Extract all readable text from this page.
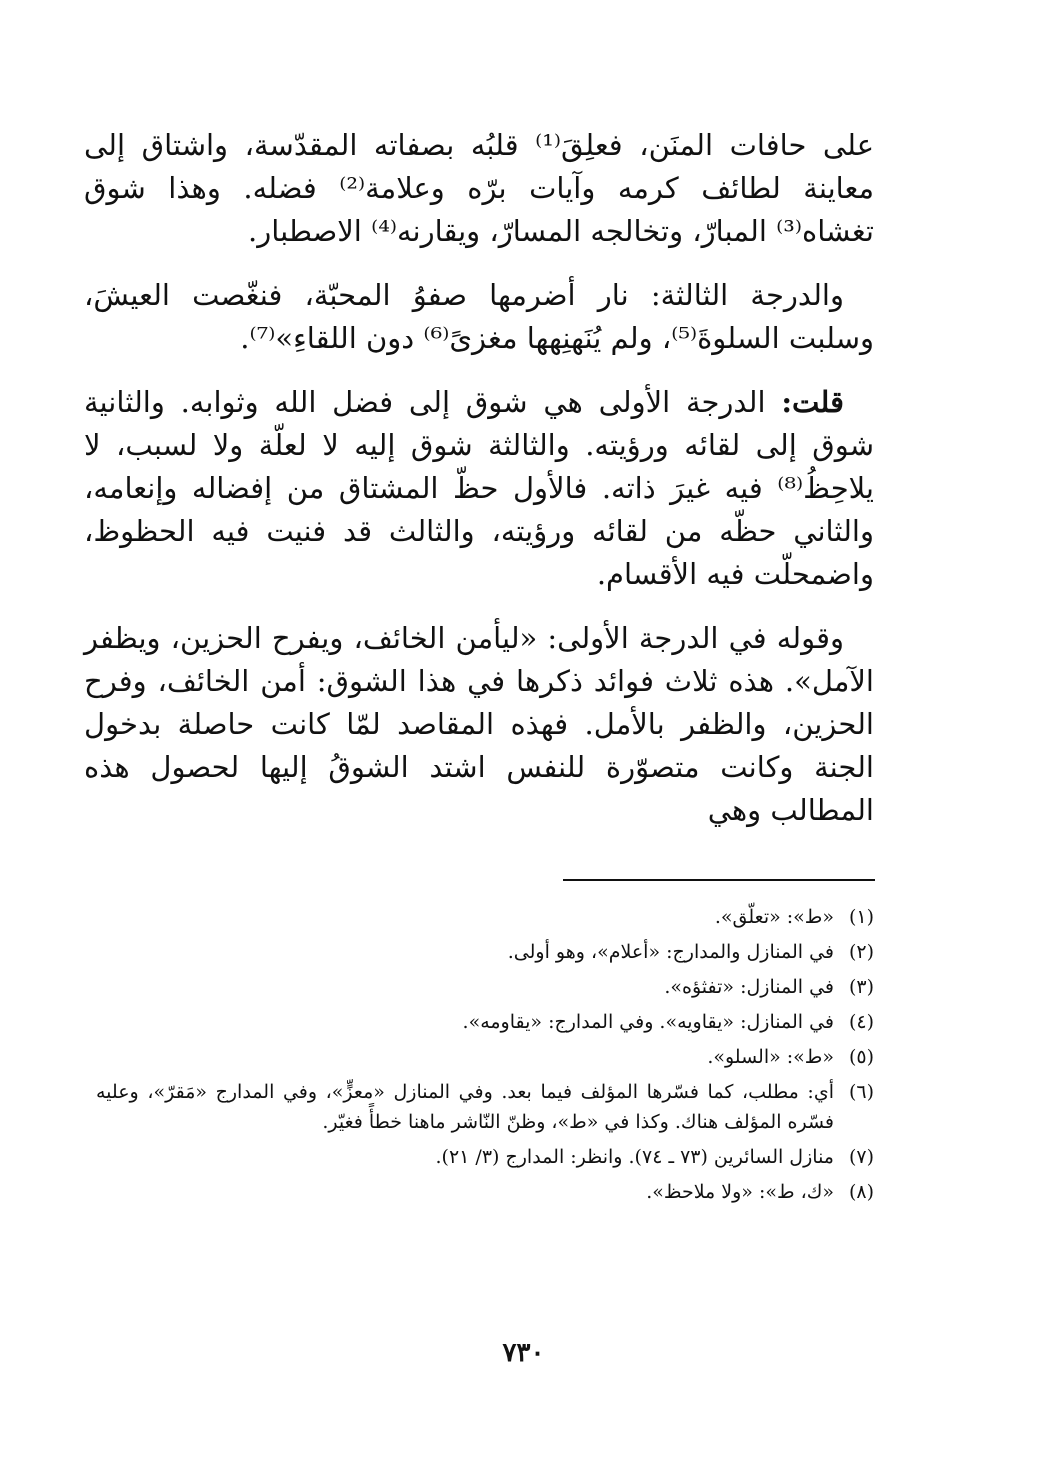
على حافات المنَن، فعلِقَ⁽¹⁾ قلبُه بصفاته المقدّسة، واشتاق إلى معاينة لطائف كرمه وآيات برّه وعلامة⁽²⁾ فضله. وهذا شوق تغشاه⁽³⁾ المبارّ، وتخالجه المسارّ، ويقارنه⁽⁴⁾ الاصطبار.

والدرجة الثالثة: نار أضرمها صفوُ المحبّة، فنغّصت العيشَ، وسلبت السلوةَ⁽⁵⁾، ولم يُنَهنِهها مغزىً⁽⁶⁾ دون اللقاءِ»⁽⁷⁾.

قلت: الدرجة الأولى هي شوق إلى فضل الله وثوابه. والثانية شوق إلى لقائه ورؤيته. والثالثة شوق إليه لا لعلّة ولا لسبب، لا يلاحِظُ⁽⁸⁾ فيه غيرَ ذاته. فالأول حظّ المشتاق من إفضاله وإنعامه، والثاني حظّه من لقائه ورؤيته، والثالث قد فنيت فيه الحظوظ، واضمحلّت فيه الأقسام.

وقوله في الدرجة الأولى: «ليأمن الخائف، ويفرح الحزين، ويظفر الآمل». هذه ثلاث فوائد ذكرها في هذا الشوق: أمن الخائف، وفرح الحزين، والظفر بالأمل. فهذه المقاصد لمّا كانت حاصلة بدخول الجنة وكانت متصوّرة للنفس اشتد الشوقُ إليها لحصول هذه المطالب وهي

(١)
«ط»: «تعلّق».
(٢)
في المنازل والمدارج: «أعلام»، وهو أولى.
(٣)
في المنازل: «تفثؤه».
(٤)
في المنازل: «يقاويه». وفي المدارج: «يقاومه».
(٥)
«ط»: «السلو».
(٦)
أي: مطلب، كما فسّرها المؤلف فيما بعد. وفي المنازل «معزٍّ»، وفي المدارج «مَقرّ»، وعليه فسّره المؤلف هناك. وكذا في «ط»، وظنّ النّاشر ماهنا خطأً فغيّر.
(٧)
منازل السائرين (٧٣ ـ ٧٤). وانظر: المدارج (٣/ ٢١).
(٨)
«ك، ط»: «ولا ملاحظ».
٧٣٠
